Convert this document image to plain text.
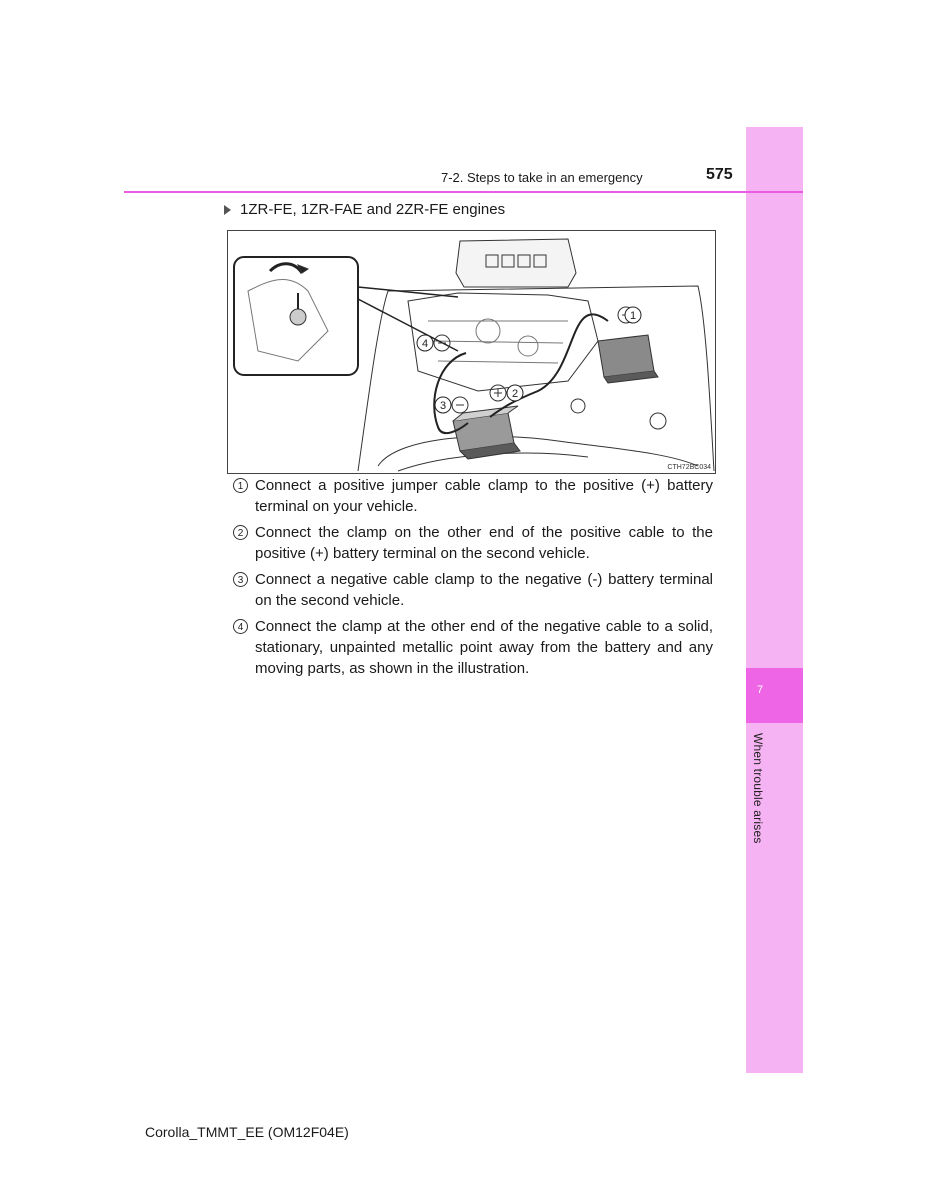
7
When trouble arises
7-2. Steps to take in an emergency	575
1ZR-FE, 1ZR-FAE and 2ZR-FE engines
1
2
3
4
CTH72BC034
1 Connect a positive jumper cable clamp to the positive (+) battery terminal on your vehicle.
2 Connect the clamp on the other end of the positive cable to the positive (+) battery terminal on the second vehicle.
3 Connect a negative cable clamp to the negative (-) battery terminal on the second vehicle.
4 Connect the clamp at the other end of the negative cable to a solid, stationary, unpainted metallic point away from the battery and any moving parts, as shown in the illustration.
Corolla_TMMT_EE (OM12F04E)
